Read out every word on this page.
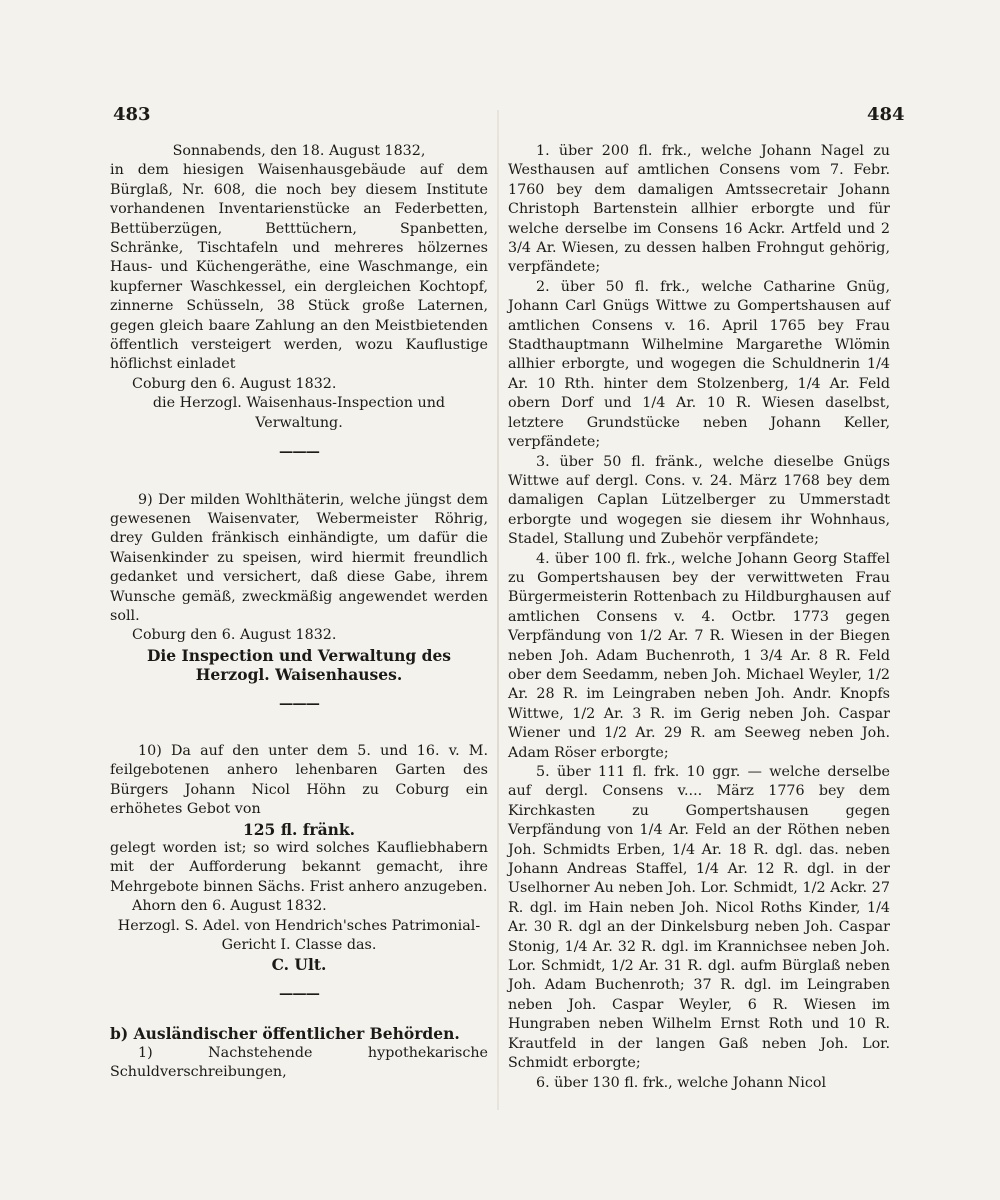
483	484

Sonnabends, den 18. August 1832,

in dem hiesigen Waisenhausgebäude auf dem Bürglaß, Nr. 608, die noch bey diesem Institute vorhandenen Inventarienstücke an Federbetten, Bettüberzügen, Betttüchern, Spanbetten, Schränke, Tischtafeln und mehreres hölzernes Haus- und Küchengeräthe, eine Waschmange, ein kupferner Waschkessel, ein dergleichen Kochtopf, zinnerne Schüsseln, 38 Stück große Laternen, gegen gleich baare Zahlung an den Meistbietenden öffentlich versteigert werden, wozu Kauflustige höflichst einladet

Coburg den 6. August 1832.

die Herzogl. Waisenhaus-Inspection und Verwaltung.

———

9) Der milden Wohlthäterin, welche jüngst dem gewesenen Waisenvater, Webermeister Röhrig, drey Gulden fränkisch einhändigte, um dafür die Waisenkinder zu speisen, wird hiermit freundlich gedanket und versichert, daß diese Gabe, ihrem Wunsche gemäß, zweckmäßig angewendet werden soll.

Coburg den 6. August 1832.

Die Inspection und Verwaltung des Herzogl. Waisenhauses.

———

10) Da auf den unter dem 5. und 16. v. M. feilgebotenen anhero lehenbaren Garten des Bürgers Johann Nicol Höhn zu Coburg ein erhöhetes Gebot von

125 fl. fränk.

gelegt worden ist; so wird solches Kaufliebhabern mit der Aufforderung bekannt gemacht, ihre Mehrgebote binnen Sächs. Frist anhero anzugeben.

Ahorn den 6. August 1832.

Herzogl. S. Adel. von Hendrich'sches Patrimonial-Gericht I. Classe das.

C. Ult.

———

b) Ausländischer öffentlicher Behörden.

1) Nachstehende hypothekarische Schuldverschreibungen,

1. über 200 fl. frk., welche Johann Nagel zu Westhausen auf amtlichen Consens vom 7. Febr. 1760 bey dem damaligen Amtssecretair Johann Christoph Bartenstein allhier erborgte und für welche derselbe im Consens 16 Ackr. Artfeld und 2 3/4 Ar. Wiesen, zu dessen halben Frohngut gehörig, verpfändete;

2. über 50 fl. frk., welche Catharine Gnüg, Johann Carl Gnügs Wittwe zu Gompertshausen auf amtlichen Consens v. 16. April 1765 bey Frau Stadthauptmann Wilhelmine Margarethe Wlömin allhier erborgte, und wogegen die Schuldnerin 1/4 Ar. 10 Rth. hinter dem Stolzenberg, 1/4 Ar. Feld obern Dorf und 1/4 Ar. 10 R. Wiesen daselbst, letztere Grundstücke neben Johann Keller, verpfändete;

3. über 50 fl. fränk., welche dieselbe Gnügs Wittwe auf dergl. Cons. v. 24. März 1768 bey dem damaligen Caplan Lützelberger zu Ummerstadt erborgte und wogegen sie diesem ihr Wohnhaus, Stadel, Stallung und Zubehör verpfändete;

4. über 100 fl. frk., welche Johann Georg Staffel zu Gompertshausen bey der verwittweten Frau Bürgermeisterin Rottenbach zu Hildburghausen auf amtlichen Consens v. 4. Octbr. 1773 gegen Verpfändung von 1/2 Ar. 7 R. Wiesen in der Biegen neben Joh. Adam Buchenroth, 1 3/4 Ar. 8 R. Feld ober dem Seedamm, neben Joh. Michael Weyler, 1/2 Ar. 28 R. im Leingraben neben Joh. Andr. Knopfs Wittwe, 1/2 Ar. 3 R. im Gerig neben Joh. Caspar Wiener und 1/2 Ar. 29 R. am Seeweg neben Joh. Adam Röser erborgte;

5. über 111 fl. frk. 10 ggr. — welche derselbe auf dergl. Consens v.... März 1776 bey dem Kirchkasten zu Gompertshausen gegen Verpfändung von 1/4 Ar. Feld an der Röthen neben Joh. Schmidts Erben, 1/4 Ar. 18 R. dgl. das. neben Johann Andreas Staffel, 1/4 Ar. 12 R. dgl. in der Uselhorner Au neben Joh. Lor. Schmidt, 1/2 Ackr. 27 R. dgl. im Hain neben Joh. Nicol Roths Kinder, 1/4 Ar. 30 R. dgl an der Dinkelsburg neben Joh. Caspar Stonig, 1/4 Ar. 32 R. dgl. im Krannichsee neben Joh. Lor. Schmidt, 1/2 Ar. 31 R. dgl. aufm Bürglaß neben Joh. Adam Buchenroth; 37 R. dgl. im Leingraben neben Joh. Caspar Weyler, 6 R. Wiesen im Hungraben neben Wilhelm Ernst Roth und 10 R. Krautfeld in der langen Gaß neben Joh. Lor. Schmidt erborgte;

6. über 130 fl. frk., welche Johann Nicol
